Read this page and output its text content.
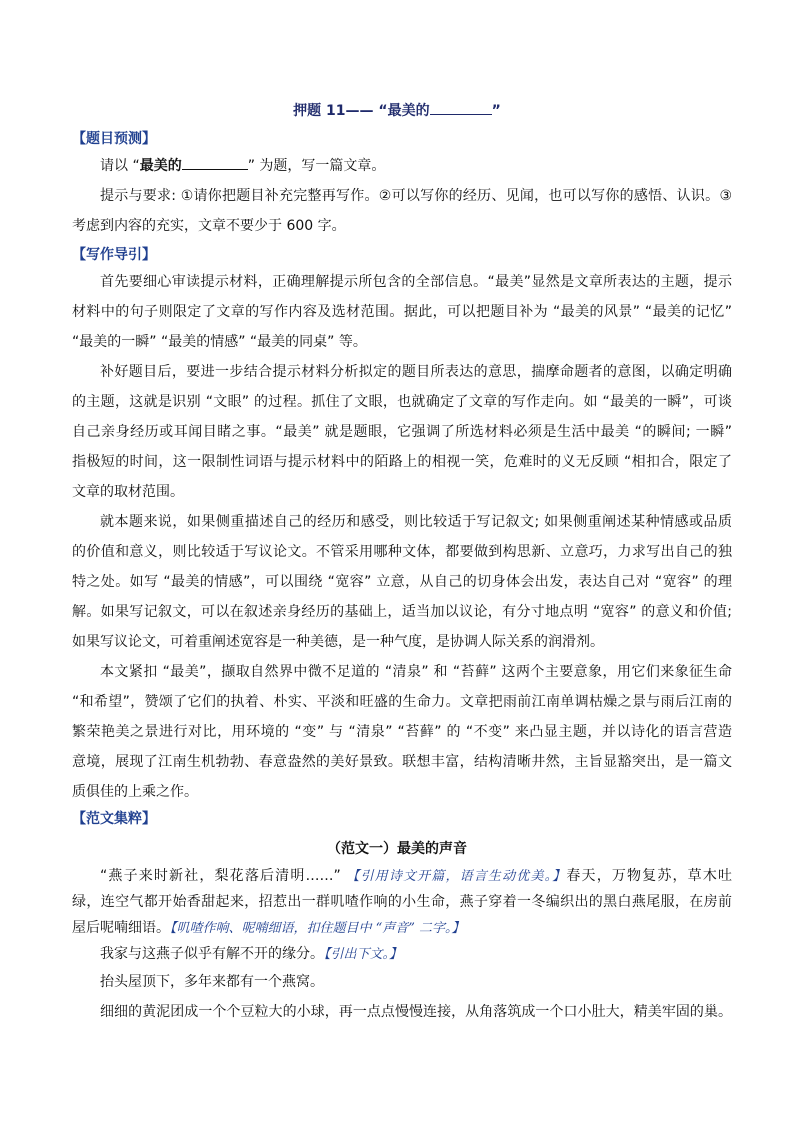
押题 11—— “最美的	”
【题目预测】
请以 “最美的	” 为题，写一篇文章。
提示与要求: ①请你把题目补充完整再写作。②可以写你的经历、见闻，也可以写你的感悟、认识。③
考虑到内容的充实，文章不要少于 600 字。
【写作导引】
首先要细心审读提示材料，正确理解提示所包含的全部信息。“最美”显然是文章所表达的主题，提示
材料中的句子则限定了文章的写作内容及选材范围。据此，可以把题目补为 “最美的风景” “最美的记忆”
“最美的一瞬” “最美的情感” “最美的同桌” 等。
补好题目后，要进一步结合提示材料分析拟定的题目所表达的意思，揣摩命题者的意图，以确定明确
的主题，这就是识别 “文眼” 的过程。抓住了文眼，也就确定了文章的写作走向。如 “最美的一瞬”，可谈
自己亲身经历或耳闻目睹之事。“最美” 就是题眼，它强调了所选材料必须是生活中最美 “的瞬间; 一瞬”
指极短的时间，这一限制性词语与提示材料中的陌路上的相视一笑，危难时的义无反顾 “相扣合，限定了
文章的取材范围。
就本题来说，如果侧重描述自己的经历和感受，则比较适于写记叙文; 如果侧重阐述某种情感或品质
的价值和意义，则比较适于写议论文。不管采用哪种文体，都要做到构思新、立意巧，力求写出自己的独
特之处。如写 “最美的情感”，可以围绕 “宽容” 立意，从自己的切身体会出发，表达自己对 “宽容” 的理
解。如果写记叙文，可以在叙述亲身经历的基础上，适当加以议论，有分寸地点明 “宽容” 的意义和价值;
如果写议论文，可着重阐述宽容是一种美德，是一种气度，是协调人际关系的润滑剂。
本文紧扣 “最美”，撷取自然界中微不足道的 “清泉” 和 “苔藓” 这两个主要意象，用它们来象征生命
“和希望”，赞颂了它们的执着、朴实、平淡和旺盛的生命力。文章把雨前江南单调枯燥之景与雨后江南的
繁荣艳美之景进行对比，用环境的 “变” 与 “清泉” “苔藓” 的 “不变” 来凸显主题，并以诗化的语言营造
意境，展现了江南生机勃勃、春意盎然的美好景致。联想丰富，结构清晰井然，主旨显豁突出，是一篇文
质俱佳的上乘之作。
【范文集粹】
（范文一）最美的声音
“燕子来时新社，梨花落后清明……” 【引用诗文开篇，语言生动优美。】春天，万物复苏，草木吐
绿，连空气都开始香甜起来，招惹出一群叽喳作响的小生命，燕子穿着一冬编织出的黑白燕尾服，在房前
屋后呢喃细语。【叽喳作响、呢喃细语，扣住题目中 “声音” 二字。】
我家与这燕子似乎有解不开的缘分。【引出下文。】
抬头屋顶下，多年来都有一个燕窝。
细细的黄泥团成一个个豆粒大的小球，再一点点慢慢连接，从角落筑成一个口小肚大，精美牢固的巢。
